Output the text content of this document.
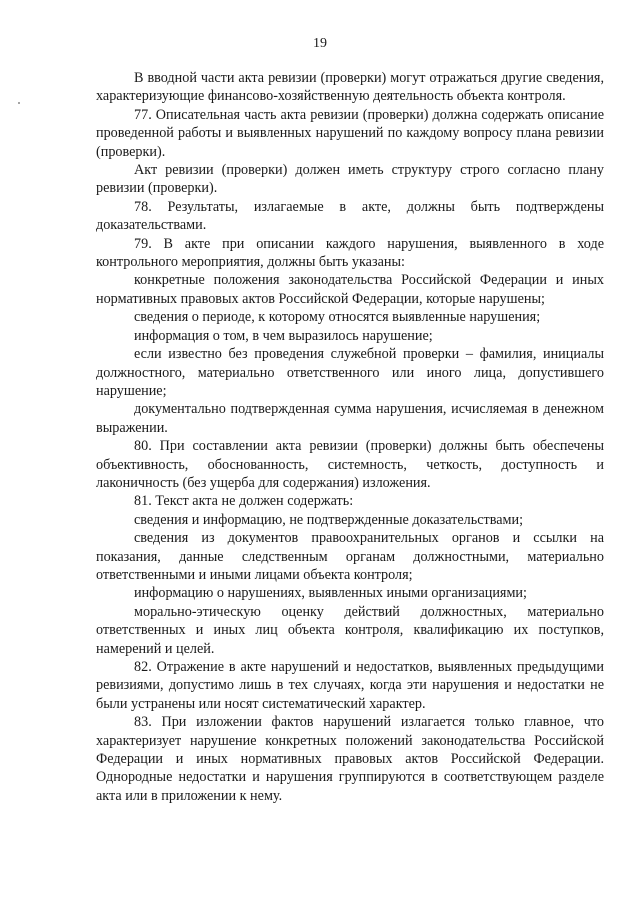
19

В вводной части акта ревизии (проверки) могут отражаться другие сведения, характеризующие финансово-хозяйственную деятельность объекта контроля.

77. Описательная часть акта ревизии (проверки) должна содержать описание проведенной работы и выявленных нарушений по каждому вопросу плана ревизии (проверки).

Акт ревизии (проверки) должен иметь структуру строго согласно плану ревизии (проверки).

78. Результаты, излагаемые в акте, должны быть подтверждены доказательствами.

79. В акте при описании каждого нарушения, выявленного в ходе контрольного мероприятия, должны быть указаны:

конкретные положения законодательства Российской Федерации и иных нормативных правовых актов Российской Федерации, которые нарушены;

сведения о периоде, к которому относятся выявленные нарушения;

информация о том, в чем выразилось нарушение;

если известно без проведения служебной проверки – фамилия, инициалы должностного, материально ответственного или иного лица, допустившего нарушение;

документально подтвержденная сумма нарушения, исчисляемая в денежном выражении.

80. При составлении акта ревизии (проверки) должны быть обеспечены объективность, обоснованность, системность, четкость, доступность и лаконичность (без ущерба для содержания) изложения.

81. Текст акта не должен содержать:

сведения и информацию, не подтвержденные доказательствами;

сведения из документов правоохранительных органов и ссылки на показания, данные следственным органам должностными, материально ответственными и иными лицами объекта контроля;

информацию о нарушениях, выявленных иными организациями;

морально-этическую оценку действий должностных, материально ответственных и иных лиц объекта контроля, квалификацию их поступков, намерений и целей.

82. Отражение в акте нарушений и недостатков, выявленных предыдущими ревизиями, допустимо лишь в тех случаях, когда эти нарушения и недостатки не были устранены или носят систематический характер.

83. При изложении фактов нарушений излагается только главное, что характеризует нарушение конкретных положений законодательства Российской Федерации и иных нормативных правовых актов Российской Федерации. Однородные недостатки и нарушения группируются в соответствующем разделе акта или в приложении к нему.
